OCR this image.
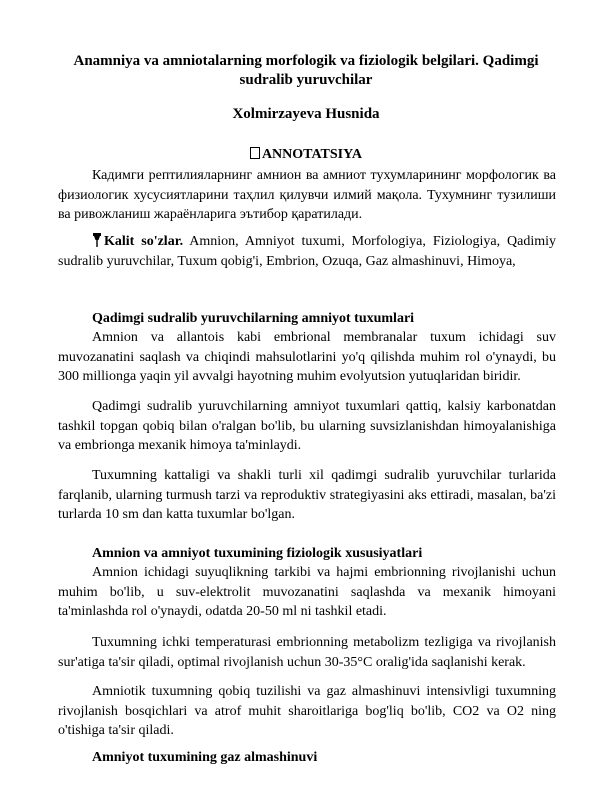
Anamniya va amniotalarning morfologik va fiziologik belgilari. Qadimgi sudralib yuruvchilar
Xolmirzayeva Husnida
ANNOTATSIYA

Кадимги рептилияларнинг амнион ва амниот тухумларининг морфологик ва физиологик хусусиятларини таҳлил қилувчи илмий мақола. Тухумнинг тузилиши ва ривожланиш жараёнларига эътибор қаратилади.

Kalit so'zlar. Amnion, Amniyot tuxumi, Morfologiya, Fiziologiya, Qadimiy sudralib yuruvchilar, Tuxum qobig'i, Embrion, Ozuqa, Gaz almashinuvi, Himoya,

Qadimgi sudralib yuruvchilarning amniyot tuxumlari

Amnion va allantois kabi embrional membranalar tuxum ichidagi suv muvozanatini saqlash va chiqindi mahsulotlarini yo'q qilishda muhim rol o'ynaydi, bu 300 millionga yaqin yil avvalgi hayotning muhim evolyutsion yutuqlaridan biridir.

Qadimgi sudralib yuruvchilarning amniyot tuxumlari qattiq, kalsiy karbonatdan tashkil topgan qobiq bilan o'ralgan bo'lib, bu ularning suvsizlanishdan himoyalanishiga va embrionga mexanik himoya ta'minlaydi.

Tuxumning kattaligi va shakli turli xil qadimgi sudralib yuruvchilar turlarida farqlanib, ularning turmush tarzi va reproduktiv strategiyasini aks ettiradi, masalan, ba'zi turlarda 10 sm dan katta tuxumlar bo'lgan.

Amnion va amniyot tuxumining fiziologik xususiyatlari

Amnion ichidagi suyuqlikning tarkibi va hajmi embrionning rivojlanishi uchun muhim bo'lib, u suv-elektrolit muvozanatini saqlashda va mexanik himoyani ta'minlashda rol o'ynaydi, odatda 20-50 ml ni tashkil etadi.

Tuxumning ichki temperaturasi embrionning metabolizm tezligiga va rivojlanish sur'atiga ta'sir qiladi, optimal rivojlanish uchun 30-35°C oralig'ida saqlanishi kerak.

Amniotik tuxumning qobiq tuzilishi va gaz almashinuvi intensivligi tuxumning rivojlanish bosqichlari va atrof muhit sharoitlariga bog'liq bo'lib, CO2 va O2 ning o'tishiga ta'sir qiladi.

Amniyot tuxumining gaz almashinuvi
